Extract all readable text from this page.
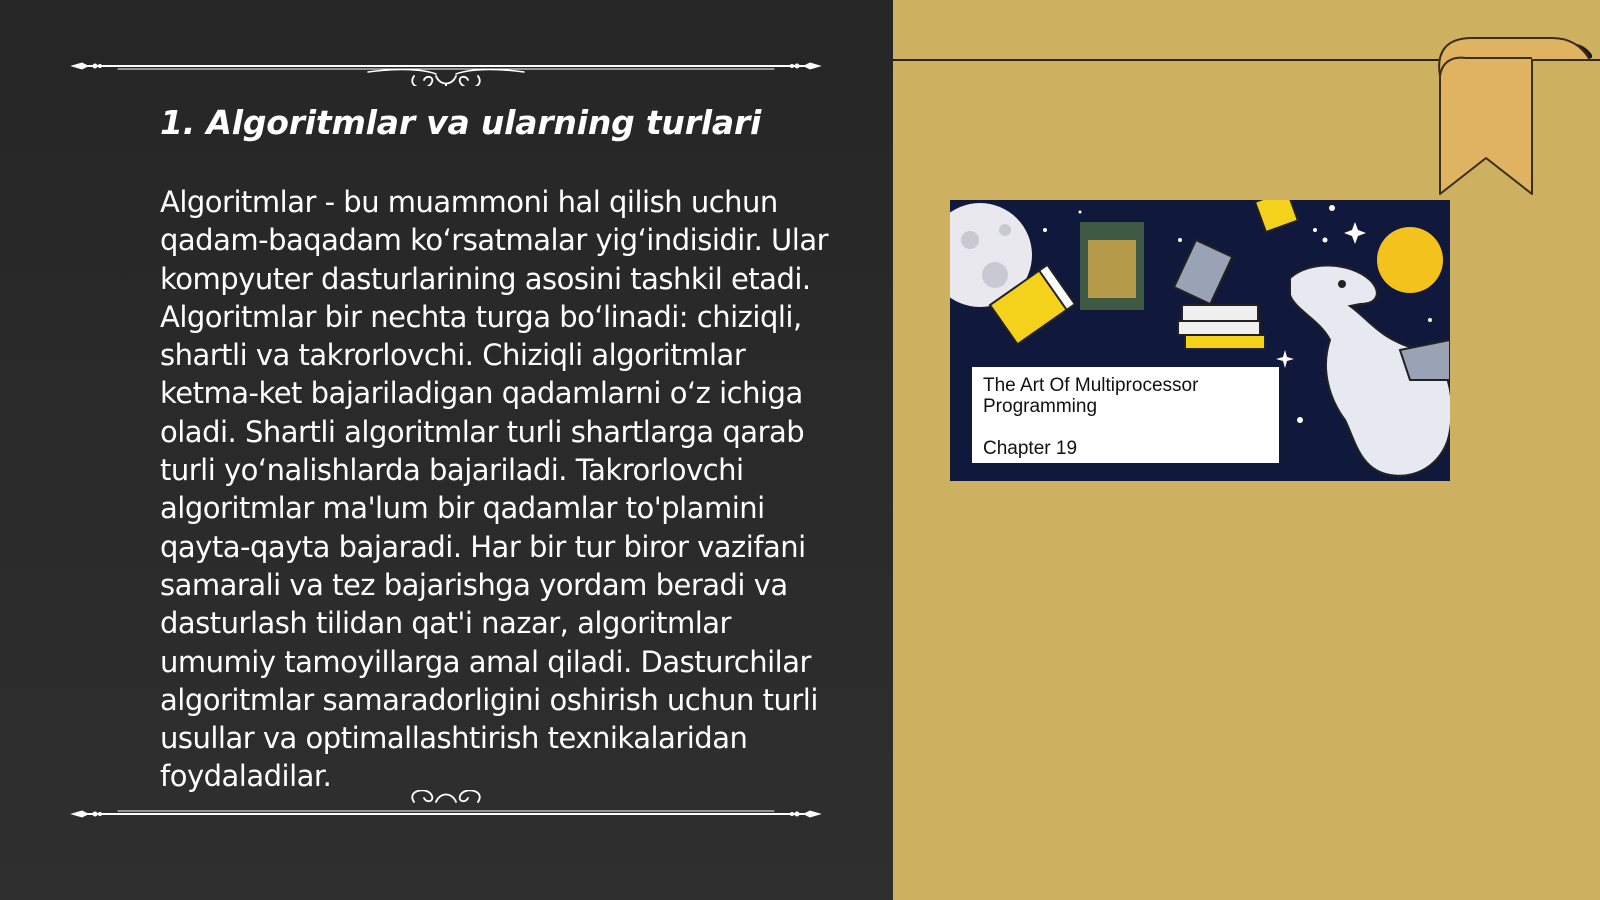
1. Algoritmlar va ularning turlari

Algoritmlar - bu muammoni hal qilish uchun qadam-baqadam koʻrsatmalar yigʻindisidir. Ular kompyuter dasturlarining asosini tashkil etadi. Algoritmlar bir nechta turga boʻlinadi: chiziqli, shartli va takrorlovchi. Chiziqli algoritmlar ketma-ket bajariladigan qadamlarni oʻz ichiga oladi. Shartli algoritmlar turli shartlarga qarab turli yoʻnalishlarda bajariladi. Takrorlovchi algoritmlar ma'lum bir qadamlar to'plamini qayta-qayta bajaradi. Har bir tur biror vazifani samarali va tez bajarishga yordam beradi va dasturlash tilidan qat'i nazar, algoritmlar umumiy tamoyillarga amal qiladi. Dasturchilar algoritmlar samaradorligini oshirish uchun turli usullar va optimallashtirish texnikalaridan foydaladilar.

The Art Of Multiprocessor Programming
Chapter 19
